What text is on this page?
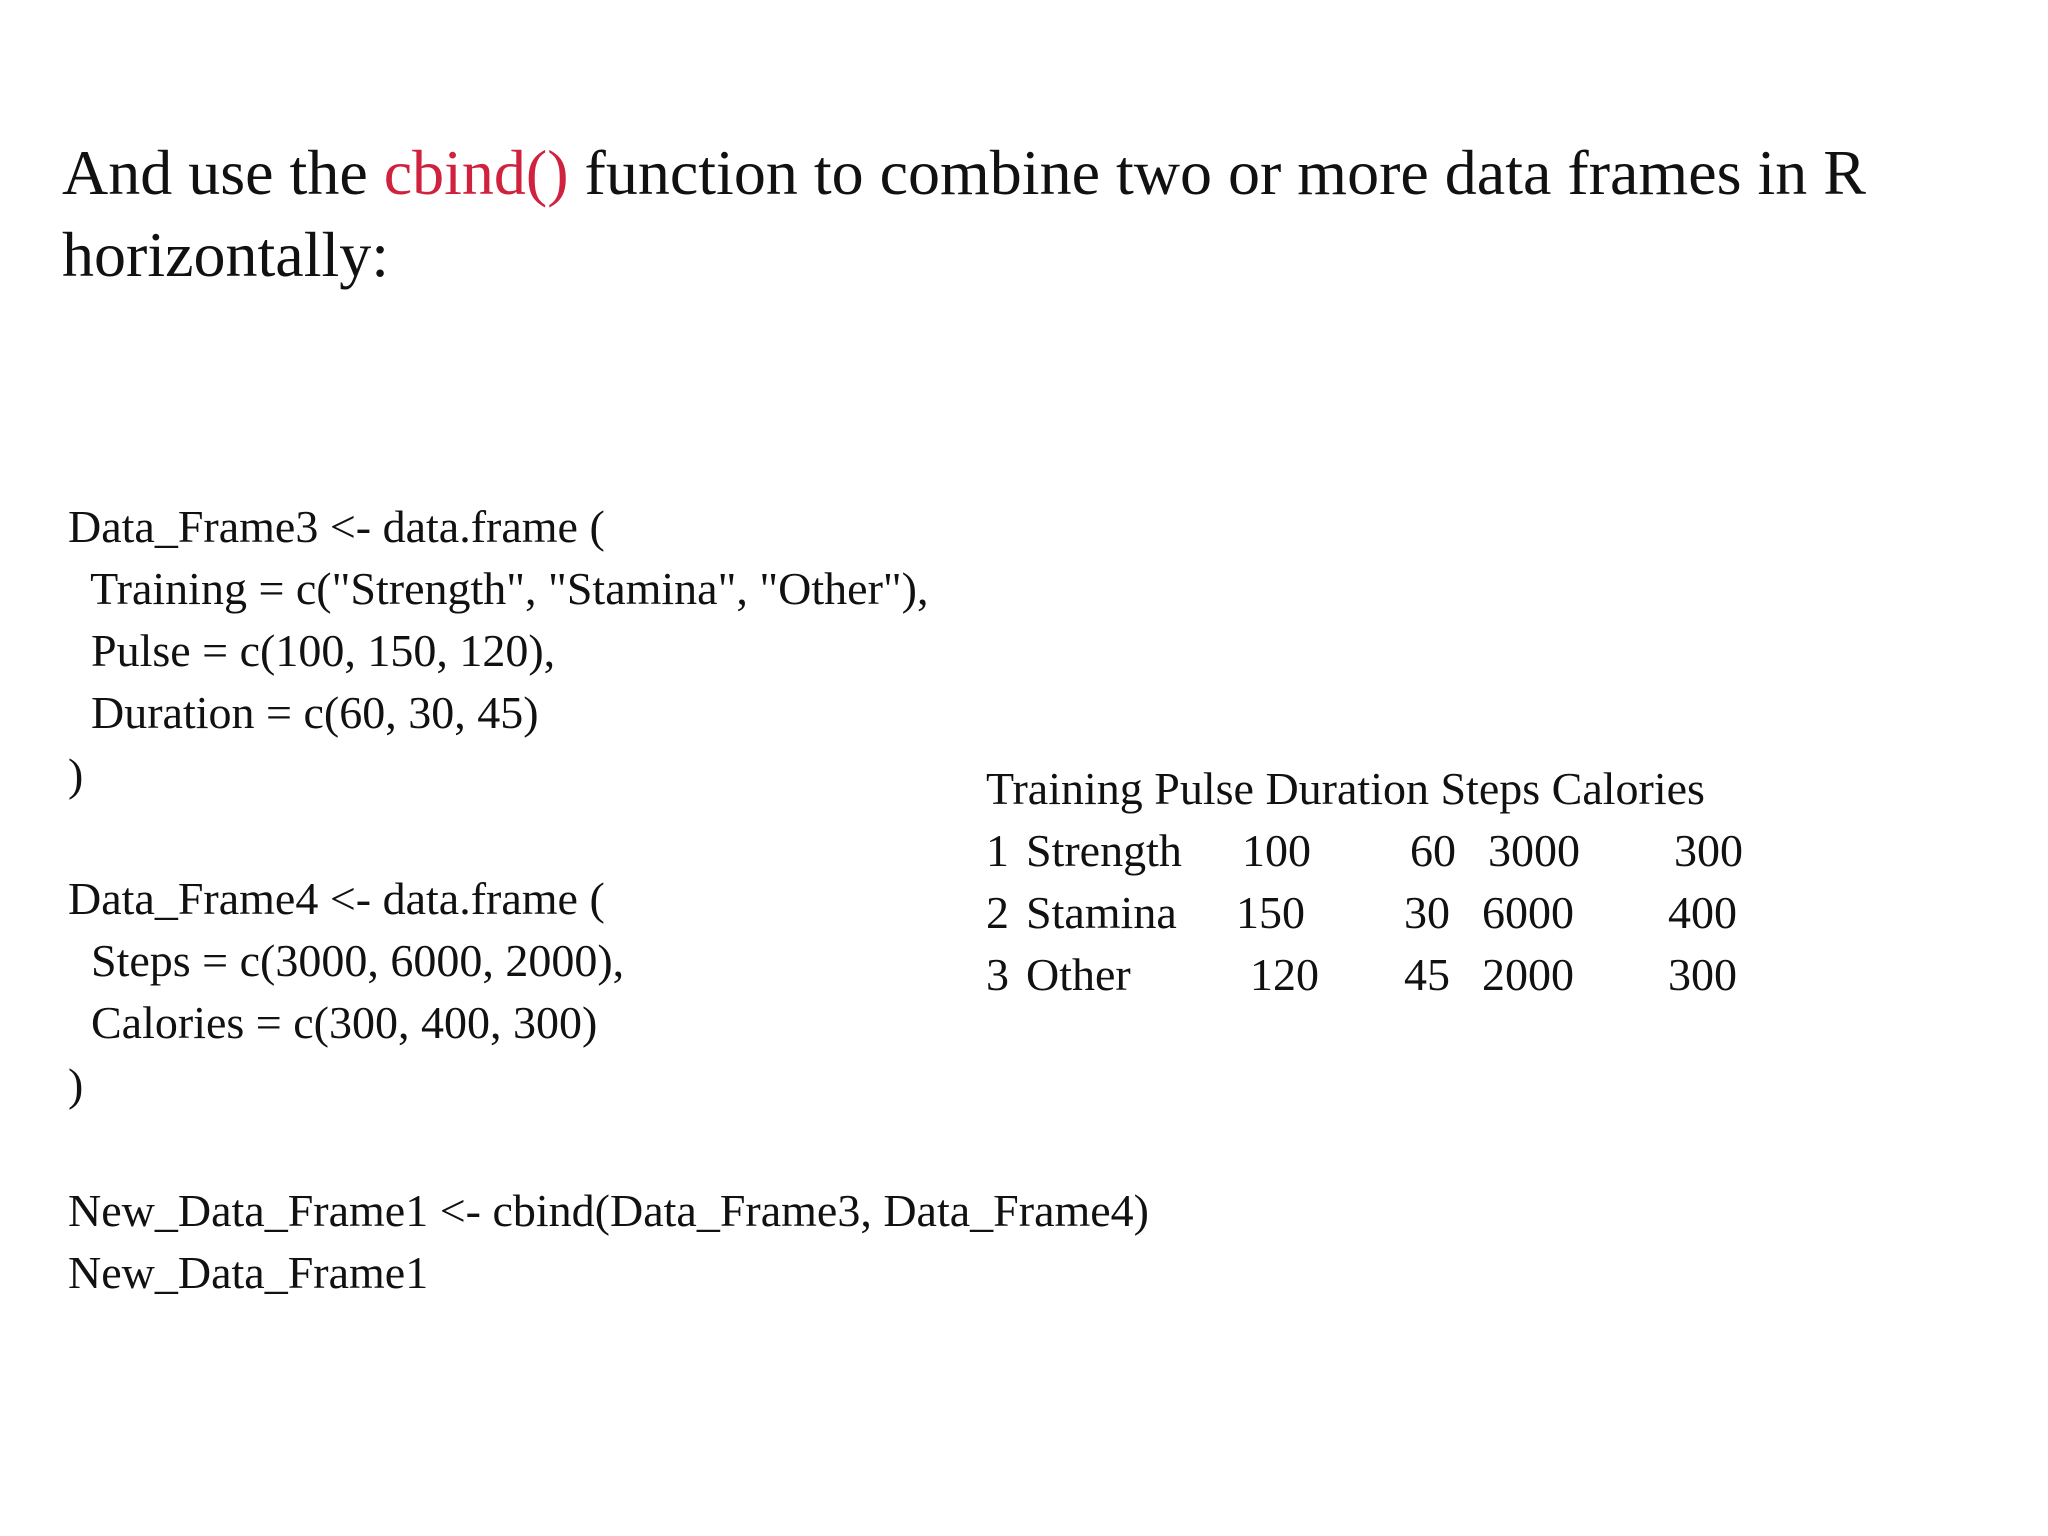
And use the cbind() function to combine two or more data frames in R horizontally:
Data_Frame3 <- data.frame (
Training = c("Strength", "Stamina", "Other"),
Pulse = c(100, 150, 120),
Duration = c(60, 30, 45)
)
Data_Frame4 <- data.frame (
Steps = c(3000, 6000, 2000),
Calories = c(300, 400, 300)
)
New_Data_Frame1 <- cbind(Data_Frame3, Data_Frame4)
New_Data_Frame1
Training Pulse Duration Steps Calories

1

Strength

100

60

3000

300

2

Stamina

150

30

6000

400

3

Other

	120

45

2000

300
